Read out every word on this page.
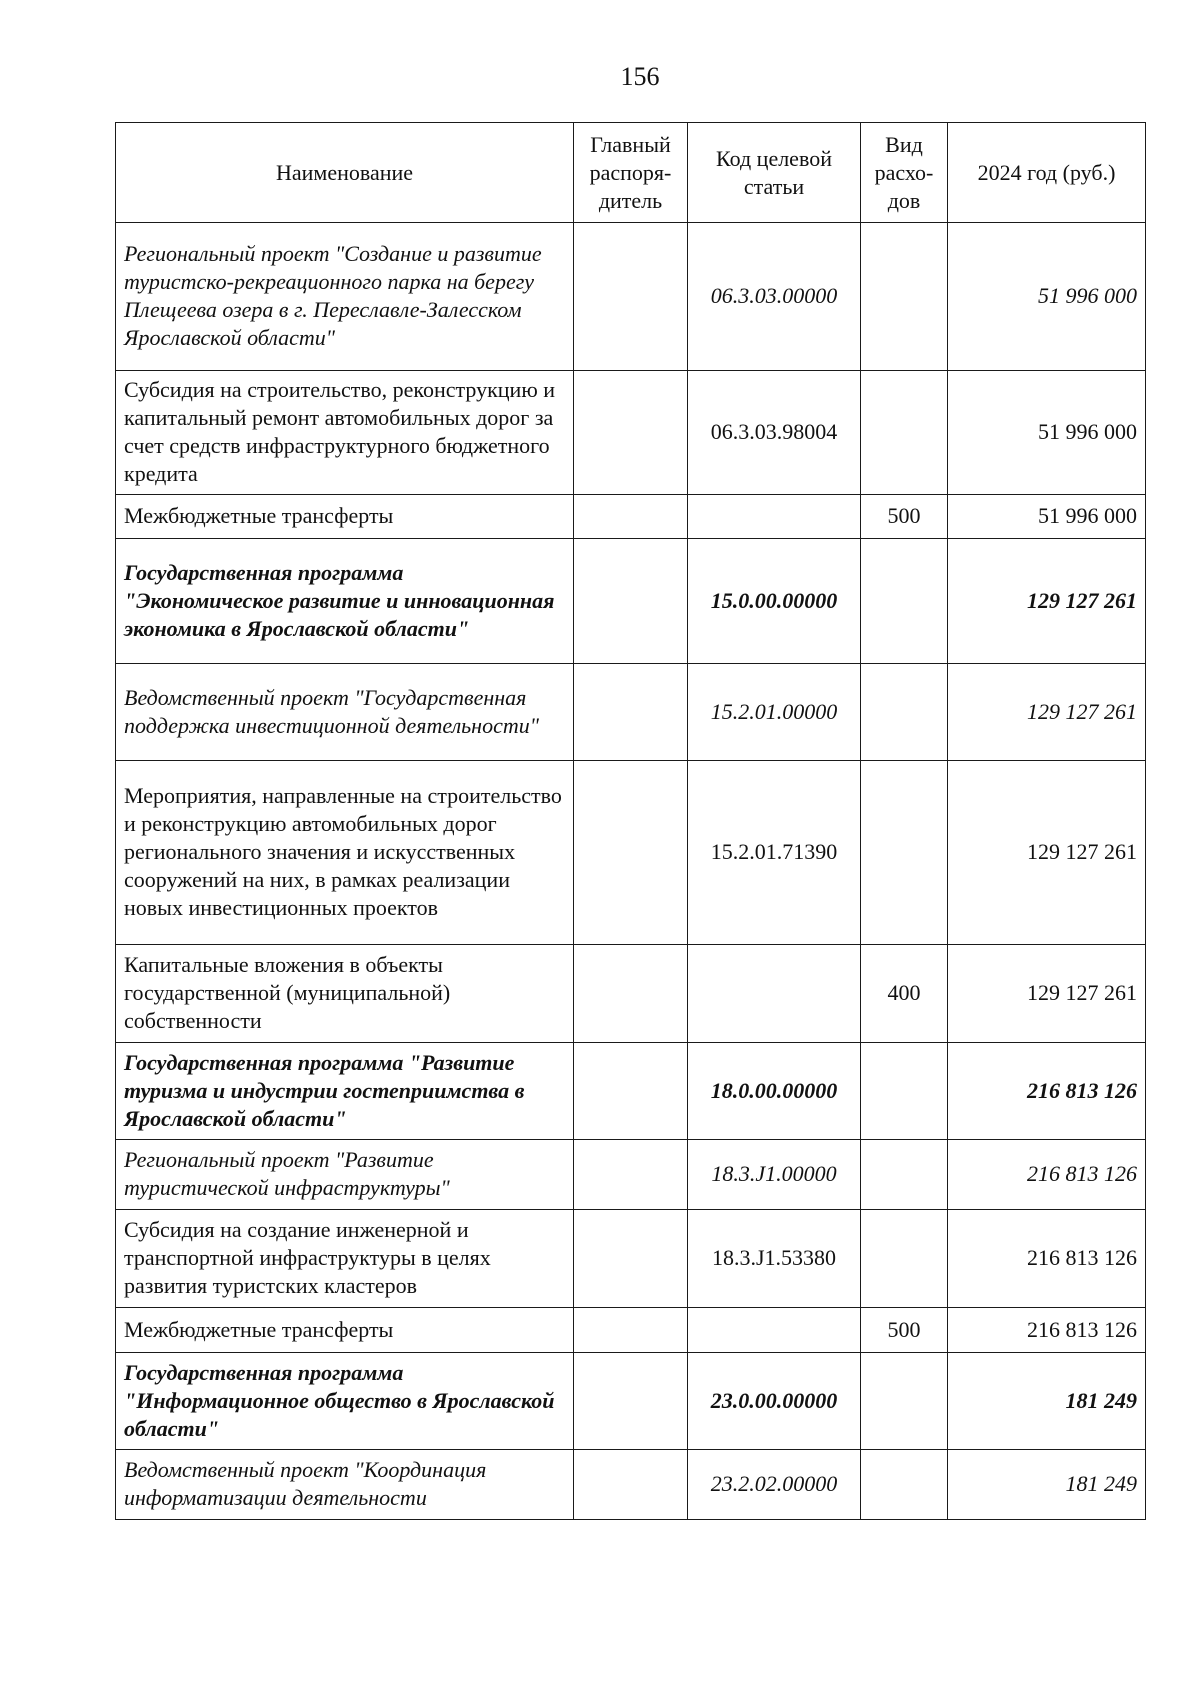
156
Наименование	Главный распоря-дитель	Код целевой статьи	Вид расхо-дов	2024 год (руб.)
Региональный проект "Создание и развитие туристско-рекреационного парка на берегу Плещеева озера в г. Переславле-Залесском Ярославской области"		06.3.03.00000		51 996 000
Субсидия на строительство, реконструкцию и капитальный ремонт автомобильных дорог за счет средств инфраструктурного бюджетного кредита		06.3.03.98004		51 996 000
Межбюджетные трансферты			500	51 996 000
Государственная программа "Экономическое развитие и инновационная экономика в Ярославской области"		15.0.00.00000		129 127 261
Ведомственный проект "Государственная поддержка инвестиционной деятельности"		15.2.01.00000		129 127 261
Мероприятия, направленные на строительство и реконструкцию автомобильных дорог регионального значения и искусственных сооружений на них, в рамках реализации новых инвестиционных проектов		15.2.01.71390		129 127 261
Капитальные вложения в объекты государственной (муниципальной) собственности			400	129 127 261
Государственная программа "Развитие туризма и индустрии гостеприимства в Ярославской области"		18.0.00.00000		216 813 126
Региональный проект "Развитие туристической инфраструктуры"		18.3.J1.00000		216 813 126
Субсидия на создание инженерной и транспортной инфраструктуры в целях развития туристских кластеров		18.3.J1.53380		216 813 126
Межбюджетные трансферты			500	216 813 126
Государственная программа "Информационное общество в Ярославской области"		23.0.00.00000		181 249
Ведомственный проект "Координация информатизации деятельности		23.2.02.00000		181 249
